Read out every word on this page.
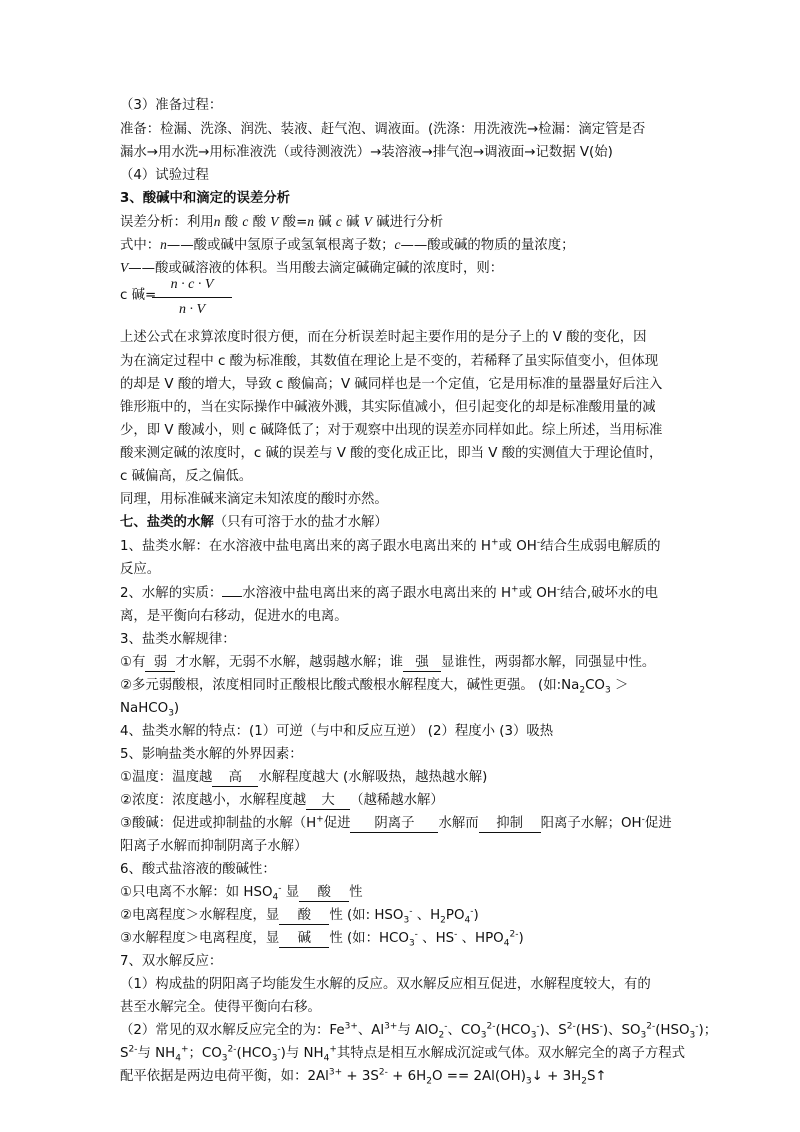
（3）准备过程：
准备：检漏、洗涤、润洗、装液、赶气泡、调液面。(洗涤：用洗液洗→检漏：滴定管是否
漏水→用水洗→用标准液洗（或待测液洗）→装溶液→排气泡→调液面→记数据 V(始)
（4）试验过程
3、酸碱中和滴定的误差分析
误差分析：利用n 酸 c 酸 V 酸=n 碱 c 碱 V 碱进行分析
式中：n——酸或碱中氢原子或氢氧根离子数；c——酸或碱的物质的量浓度；
V——酸或碱溶液的体积。当用酸去滴定碱确定碱的浓度时，则：
c 碱=
n · c · V
n · V
上述公式在求算浓度时很方便，而在分析误差时起主要作用的是分子上的 V 酸的变化，因
为在滴定过程中 c 酸为标准酸，其数值在理论上是不变的，若稀释了虽实际值变小，但体现
的却是 V 酸的增大，导致 c 酸偏高；V 碱同样也是一个定值，它是用标准的量器量好后注入
锥形瓶中的，当在实际操作中碱液外溅，其实际值减小，但引起变化的却是标准酸用量的减
少，即 V 酸减小，则 c 碱降低了；对于观察中出现的误差亦同样如此。综上所述，当用标准
酸来测定碱的浓度时，c 碱的误差与 V 酸的变化成正比，即当 V 酸的实测值大于理论值时，
c 碱偏高，反之偏低。
同理，用标准碱来滴定未知浓度的酸时亦然。
七、盐类的水解（只有可溶于水的盐才水解）
1、盐类水解：在水溶液中盐电离出来的离子跟水电离出来的 H+或 OH-结合生成弱电解质的
反应。
2、水解的实质： 水溶液中盐电离出来的离子跟水电离出来的 H+或 OH-结合,破坏水的电
离，是平衡向右移动，促进水的电离。
3、盐类水解规律：
①有 弱 才水解，无弱不水解，越弱越水解；谁 强 显谁性，两弱都水解，同强显中性。
②多元弱酸根，浓度相同时正酸根比酸式酸根水解程度大，碱性更强。 (如$:Na_2CO_3$ ＞
NaHCO$_3$)
4、盐类水解的特点：(1）可逆（与中和反应互逆） (2）程度小 (3）吸热
5、影响盐类水解的外界因素：
①温度：温度越 高 水解程度越大 (水解吸热，越热越水解)
②浓度：浓度越小，水解程度越 大 （越稀越水解）
③酸碱：促进或抑制盐的水解（H+促进 阴离子 水解而 抑制 阳离子水解；OH-促进
阳离子水解而抑制阴离子水解）
6、酸式盐溶液的酸碱性：
①只电离不水解：如 $HSO_4^-$ 显 酸 性
②电离程度＞水解程度，显 酸 性 (如: $HSO_3^-$ 、$H_2PO_4^-$)
③水解程度＞电离程度，显 碱 性 (如：$HCO_3^-$ 、HS- 、$HPO_4^{2-}$)
7、双水解反应：
（1）构成盐的阴阳离子均能发生水解的反应。双水解反应相互促进，水解程度较大，有的
甚至水解完全。使得平衡向右移。
（2）常见的双水解反应完全的为：$Fe^{3+}$、$Al^{3+}$与 AlO$_2$-、$CO_3^{2-}(HCO_3^-)$、$S^{2-}(HS^-)$、$SO_3^{2-}(HSO_3^-)$；
$S^{2-}$与 $NH_4^+$；$CO_3^{2-}(HCO_3^-)$与 $NH_4^+$其特点是相互水解成沉淀或气体。双水解完全的离子方程式
配平依据是两边电荷平衡，如：$2Al^{3+} + 3S^{2-} + 6H_2O$ == $2Al(OH)_3↓$ + $3H_2S↑$
